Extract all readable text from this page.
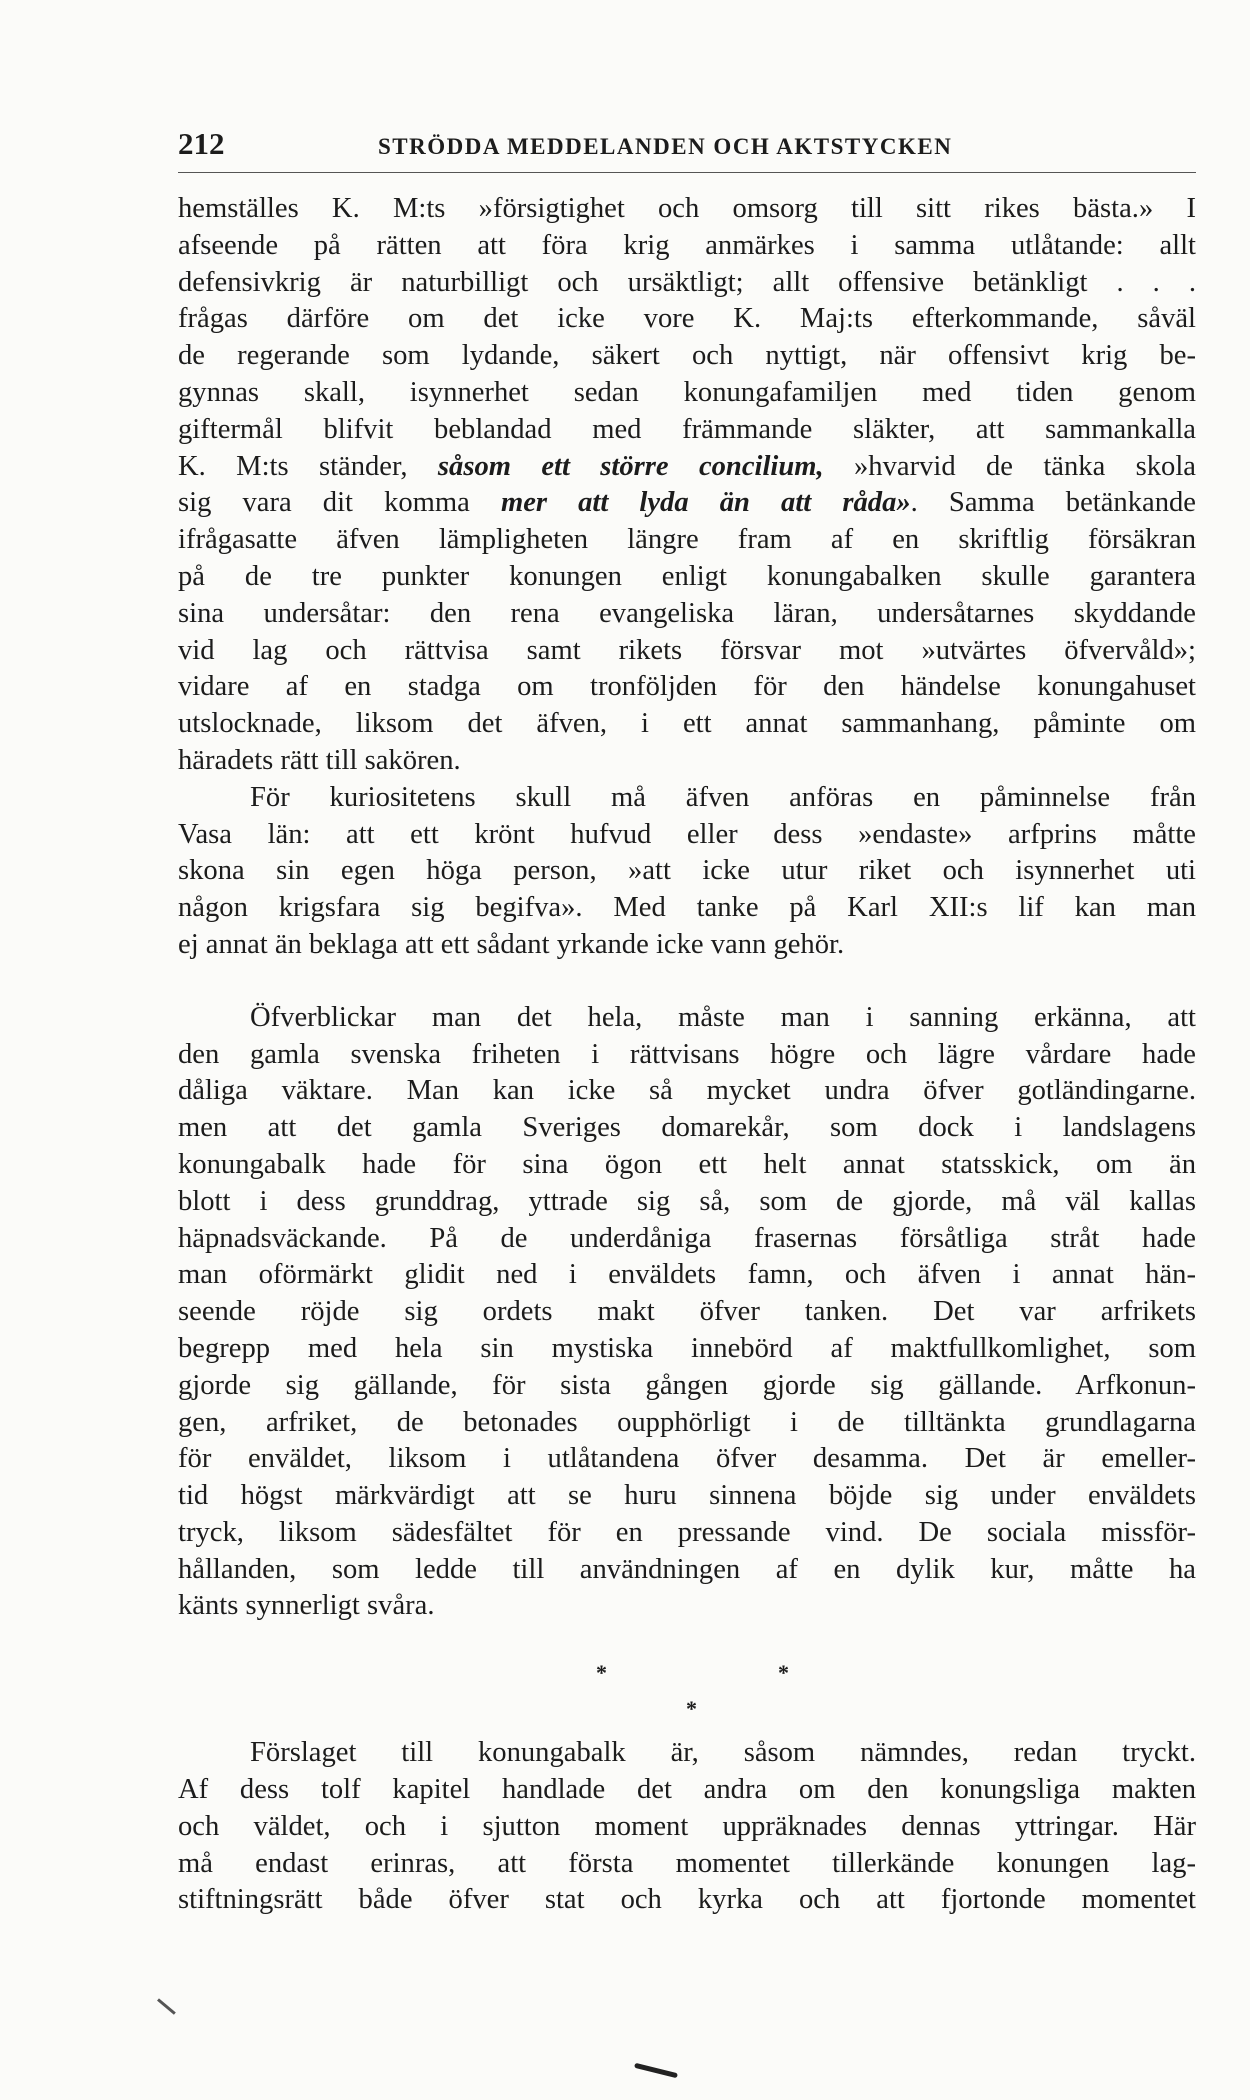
212	STRÖDDA MEDDELANDEN OCH AKTSTYCKEN
hemställes K. M:ts »försigtighet och omsorg till sitt rikes bästa.» I
afseende på rätten att föra krig anmärkes i samma utlåtande: allt
defensivkrig är naturbilligt och ursäktligt; allt offensive betänkligt . . .
frågas därföre om det icke vore K. Maj:ts efterkommande, såväl
de regerande som lydande, säkert och nyttigt, när offensivt krig be-
gynnas skall, isynnerhet sedan konungafamiljen med tiden genom
giftermål blifvit beblandad med främmande släkter, att sammankalla
K. M:ts ständer, såsom ett större concilium, »hvarvid de tänka skola
sig vara dit komma mer att lyda än att råda». Samma betänkande
ifrågasatte äfven lämpligheten längre fram af en skriftlig försäkran
på de tre punkter konungen enligt konungabalken skulle garantera
sina undersåtar: den rena evangeliska läran, undersåtarnes skyddande
vid lag och rättvisa samt rikets försvar mot »utvärtes öfvervåld»;
vidare af en stadga om tronföljden för den händelse konungahuset
utslocknade, liksom det äfven, i ett annat sammanhang, påminte om
häradets rätt till sakören.
För kuriositetens skull må äfven anföras en påminnelse från
Vasa län: att ett krönt hufvud eller dess »endaste» arfprins måtte
skona sin egen höga person, »att icke utur riket och isynnerhet uti
någon krigsfara sig begifva». Med tanke på Karl XII:s lif kan man
ej annat än beklaga att ett sådant yrkande icke vann gehör.
Öfverblickar man det hela, måste man i sanning erkänna, att
den gamla svenska friheten i rättvisans högre och lägre vårdare hade
dåliga väktare. Man kan icke så mycket undra öfver gotländingarne.
men att det gamla Sveriges domarekår, som dock i landslagens
konungabalk hade för sina ögon ett helt annat statsskick, om än
blott i dess grunddrag, yttrade sig så, som de gjorde, må väl kallas
häpnadsväckande. På de underdåniga frasernas försåtliga stråt hade
man oförmärkt glidit ned i enväldets famn, och äfven i annat hän-
seende röjde sig ordets makt öfver tanken. Det var arfrikets
begrepp med hela sin mystiska innebörd af maktfullkomlighet, som
gjorde sig gällande, för sista gången gjorde sig gällande. Arfkonun-
gen, arfriket, de betonades oupphörligt i de tilltänkta grundlagarna
för enväldet, liksom i utlåtandena öfver desamma. Det är emeller-
tid högst märkvärdigt att se huru sinnena böjde sig under enväldets
tryck, liksom sädesfältet för en pressande vind. De sociala missför-
hållanden, som ledde till användningen af en dylik kur, måtte ha
känts synnerligt svåra.
*	*
*
Förslaget till konungabalk är, såsom nämndes, redan tryckt.
Af dess tolf kapitel handlade det andra om den konungsliga makten
och väldet, och i sjutton moment uppräknades dennas yttringar. Här
må endast erinras, att första momentet tillerkände konungen lag-
stiftningsrätt både öfver stat och kyrka och att fjortonde momentet
